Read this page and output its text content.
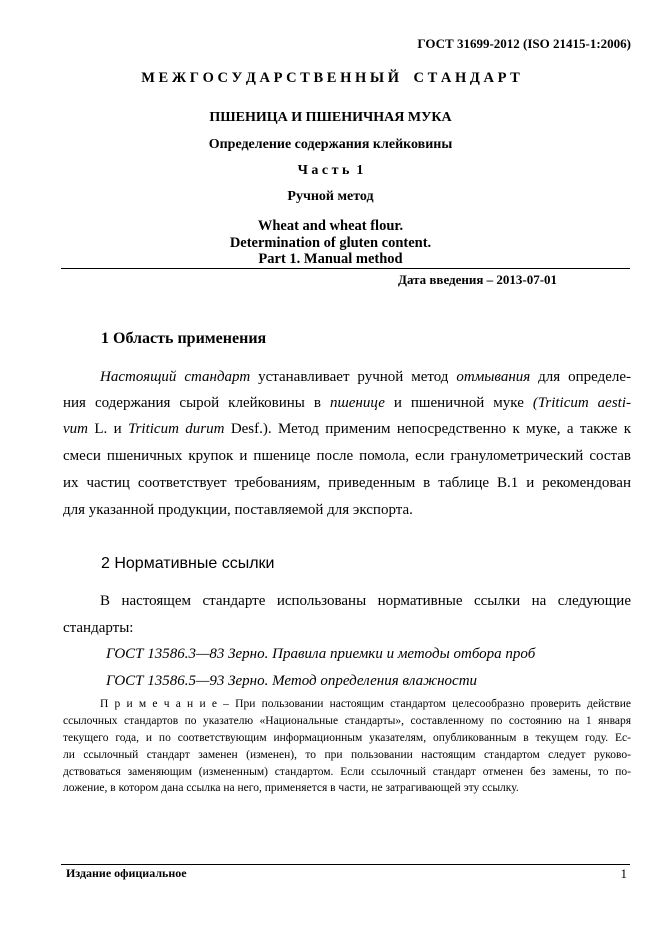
ГОСТ 31699-2012 (ISO 21415-1:2006)
М Е Ж Г О С У Д А Р С Т В Е Н Н Ы Й    С Т А Н Д А Р Т
ПШЕНИЦА И ПШЕНИЧНАЯ МУКА
Определение содержания клейковины
Ч а с т ь  1
Ручной метод
Wheat and wheat flour.
Determination of gluten content.
Part 1. Manual method
Дата введения – 2013-07-01
1 Область применения
Настоящий стандарт устанавливает ручной метод отмывания для определе-
ния содержания сырой клейковины в пшенице и пшеничной муке (Triticum aesti-
vum L. и Triticum durum Desf.). Метод применим непосредственно к муке, а также к
смеси пшеничных крупок и пшенице после помола, если гранулометрический состав
их частиц соответствует требованиям, приведенным в таблице B.1 и рекомендован
для указанной продукции, поставляемой для экспорта.
2 Нормативные ссылки
В настоящем стандарте использованы нормативные ссылки на следующие
стандарты:
ГОСТ 13586.3—83 Зерно. Правила приемки и методы отбора проб
ГОСТ 13586.5—93 Зерно. Метод определения влажности
П р и м е ч а н и е – При пользовании настоящим стандартом целесообразно проверить действие
ссылочных стандартов по указателю «Национальные стандарты», составленному по состоянию на 1 января
текущего года, и по соответствующим информационным указателям, опубликованным в текущем году. Ес-
ли ссылочный стандарт заменен (изменен), то при пользовании настоящим стандартом следует руково-
дствоваться заменяющим (измененным) стандартом. Если ссылочный стандарт отменен без замены, то по-
ложение, в котором дана ссылка на него, применяется в части, не затрагивающей эту ссылку.
Издание официальное	1
